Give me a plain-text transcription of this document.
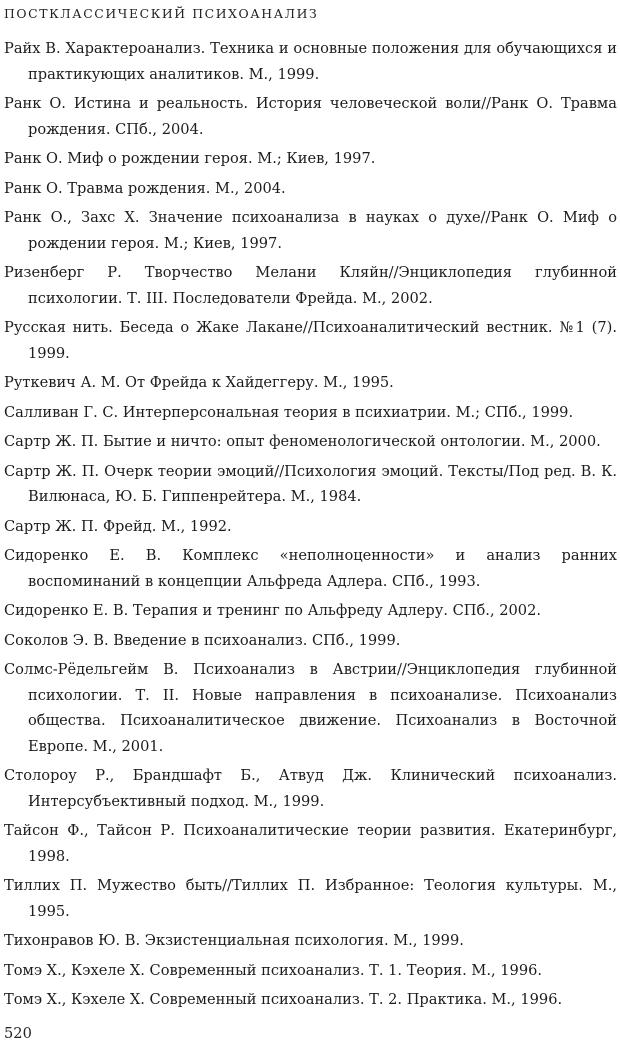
ПОСТКЛАССИЧЕСКИЙ ПСИХОАНАЛИЗ
Райх В. Характероанализ. Техника и основные положения для обучающихся и практикующих аналитиков. М., 1999.
Ранк О. Истина и реальность. История человеческой воли//Ранк О. Травма рождения. СПб., 2004.
Ранк О. Миф о рождении героя. М.; Киев, 1997.
Ранк О. Травма рождения. М., 2004.
Ранк О., Захс Х. Значение психоанализа в науках о духе//Ранк О. Миф о рождении героя. М.; Киев, 1997.
Ризенберг Р. Творчество Мелани Кляйн//Энциклопедия глубинной психологии. Т. III. Последователи Фрейда. М., 2002.
Русская нить. Беседа о Жаке Лакане//Психоаналитический вестник. №1 (7). 1999.
Руткевич А. М. От Фрейда к Хайдеггеру. М., 1995.
Салливан Г. С. Интерперсональная теория в психиатрии. М.; СПб., 1999.
Сартр Ж. П. Бытие и ничто: опыт феноменологической онтологии. М., 2000.
Сартр Ж. П. Очерк теории эмоций//Психология эмоций. Тексты/Под ред. В. К. Вилюнаса, Ю. Б. Гиппенрейтера. М., 1984.
Сартр Ж. П. Фрейд. М., 1992.
Сидоренко Е. В. Комплекс «неполноценности» и анализ ранних воспоминаний в концепции Альфреда Адлера. СПб., 1993.
Сидоренко Е. В. Терапия и тренинг по Альфреду Адлеру. СПб., 2002.
Соколов Э. В. Введение в психоанализ. СПб., 1999.
Солмс-Рёдельгейм В. Психоанализ в Австрии//Энциклопедия глубинной психологии. Т. II. Новые направления в психоанализе. Психоанализ общества. Психоаналитическое движение. Психоанализ в Восточной Европе. М., 2001.
Столороу Р., Брандшафт Б., Атвуд Дж. Клинический психоанализ. Интерсубъективный подход. М., 1999.
Тайсон Ф., Тайсон Р. Психоаналитические теории развития. Екатеринбург, 1998.
Тиллих П. Мужество быть//Тиллих П. Избранное: Теология культуры. М., 1995.
Тихонравов Ю. В. Экзистенциальная психология. М., 1999.
Томэ Х., Кэхеле Х. Современный психоанализ. Т. 1. Теория. М., 1996.
Томэ Х., Кэхеле Х. Современный психоанализ. Т. 2. Практика. М., 1996.
520
